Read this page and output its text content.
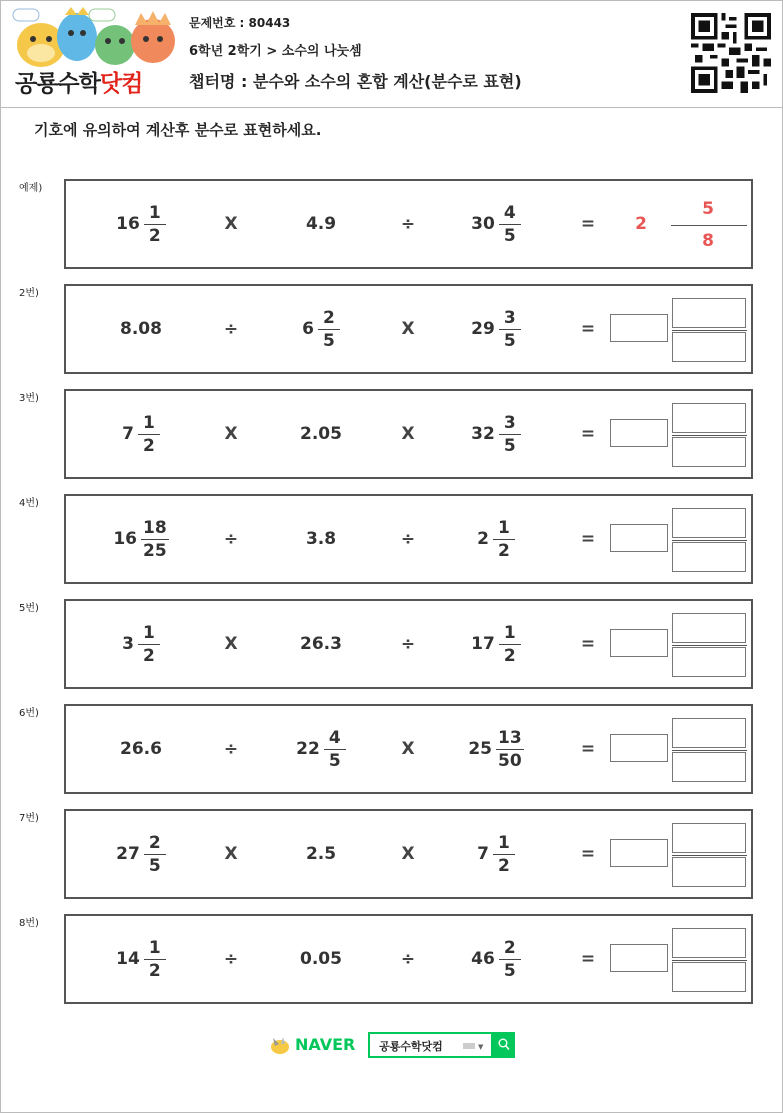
공룡수학닷컴
문제번호 : 80443
6학년 2학기 > 소수의 나눗셈
챕터명 : 분수와 소수의 혼합 계산(분수로 표현)
기호에 유의하여 계산후 분수로 표현하세요.
예제)
$16 \frac{1}{2}$	X	4.9	÷	$30 \frac{4}{5}$	=	2
5
8
2번)
8.08	÷	$6 \frac{2}{5}$	X	$29 \frac{3}{5}$	=
3번)
$7 \frac{1}{2}$	X	2.05	X	$32 \frac{3}{5}$	=
4번)
$16 \frac{18}{25}$	÷	3.8	÷	$2 \frac{1}{2}$	=
5번)
$3 \frac{1}{2}$	X	26.3	÷	$17 \frac{1}{2}$	=
6번)
26.6	÷	$22 \frac{4}{5}$	X	$25 \frac{13}{50}$	=
7번)
$27 \frac{2}{5}$	X	2.5	X	$7 \frac{1}{2}$	=
8번)
$14 \frac{1}{2}$	÷	0.05	÷	$46 \frac{2}{5}$	=
NAVER 공룡수학닷컴	▼
